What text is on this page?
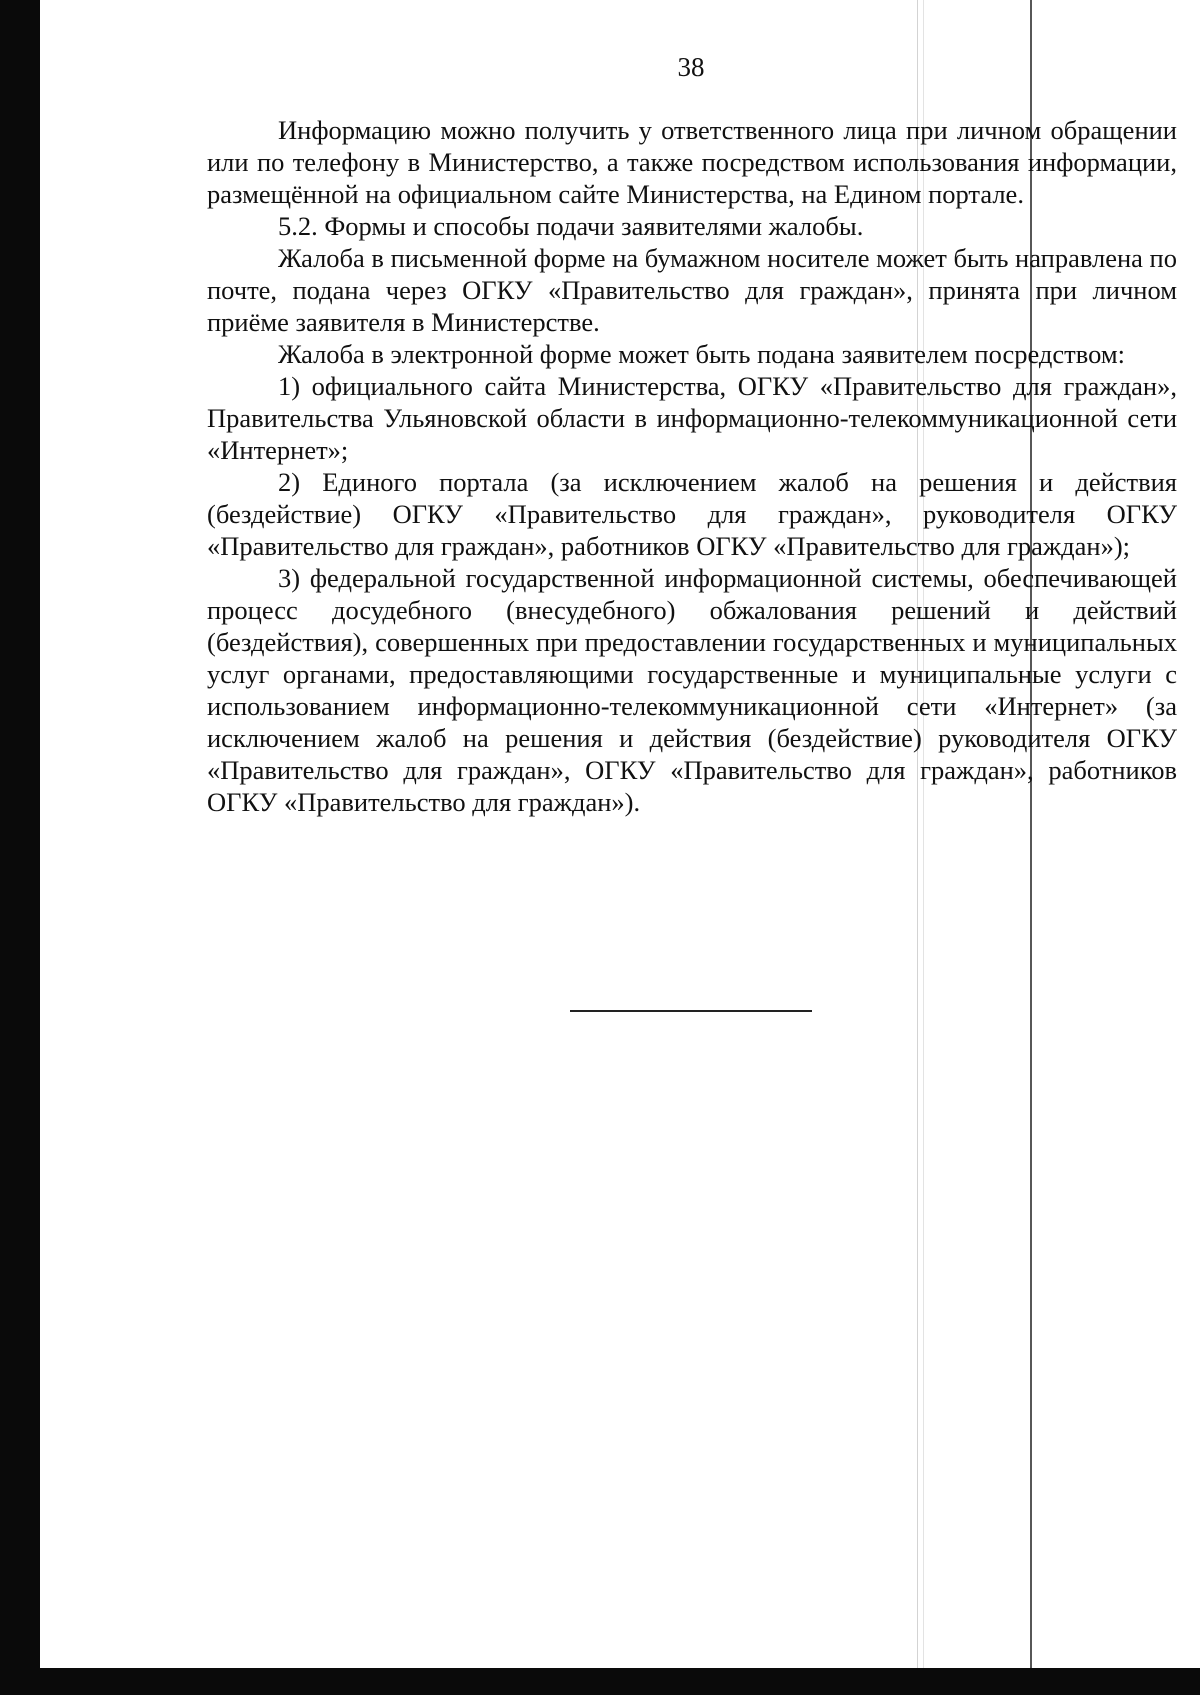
38

Информацию можно получить у ответственного лица при личном обращении или по телефону в Министерство, а также посредством использования информации, размещённой на официальном сайте Министерства, на Едином портале.

5.2. Формы и способы подачи заявителями жалобы.

Жалоба в письменной форме на бумажном носителе может быть направлена по почте, подана через ОГКУ «Правительство для граждан», принята при личном приёме заявителя в Министерстве.

Жалоба в электронной форме может быть подана заявителем посредством:

1) официального сайта Министерства, ОГКУ «Правительство для граждан», Правительства Ульяновской области в информационно-телекоммуникационной сети «Интернет»;

2) Единого портала (за исключением жалоб на решения и действия (бездействие) ОГКУ «Правительство для граждан», руководителя ОГКУ «Правительство для граждан», работников ОГКУ «Правительство для граждан»);

3) федеральной государственной информационной системы, обеспечивающей процесс досудебного (внесудебного) обжалования решений и действий (бездействия), совершенных при предоставлении государственных и муниципальных услуг органами, предоставляющими государственные и муниципальные услуги с использованием информационно-телекоммуникационной сети «Интернет» (за исключением жалоб на решения и действия (бездействие) руководителя ОГКУ «Правительство для граждан», ОГКУ «Правительство для граждан», работников ОГКУ «Правительство для граждан»).
